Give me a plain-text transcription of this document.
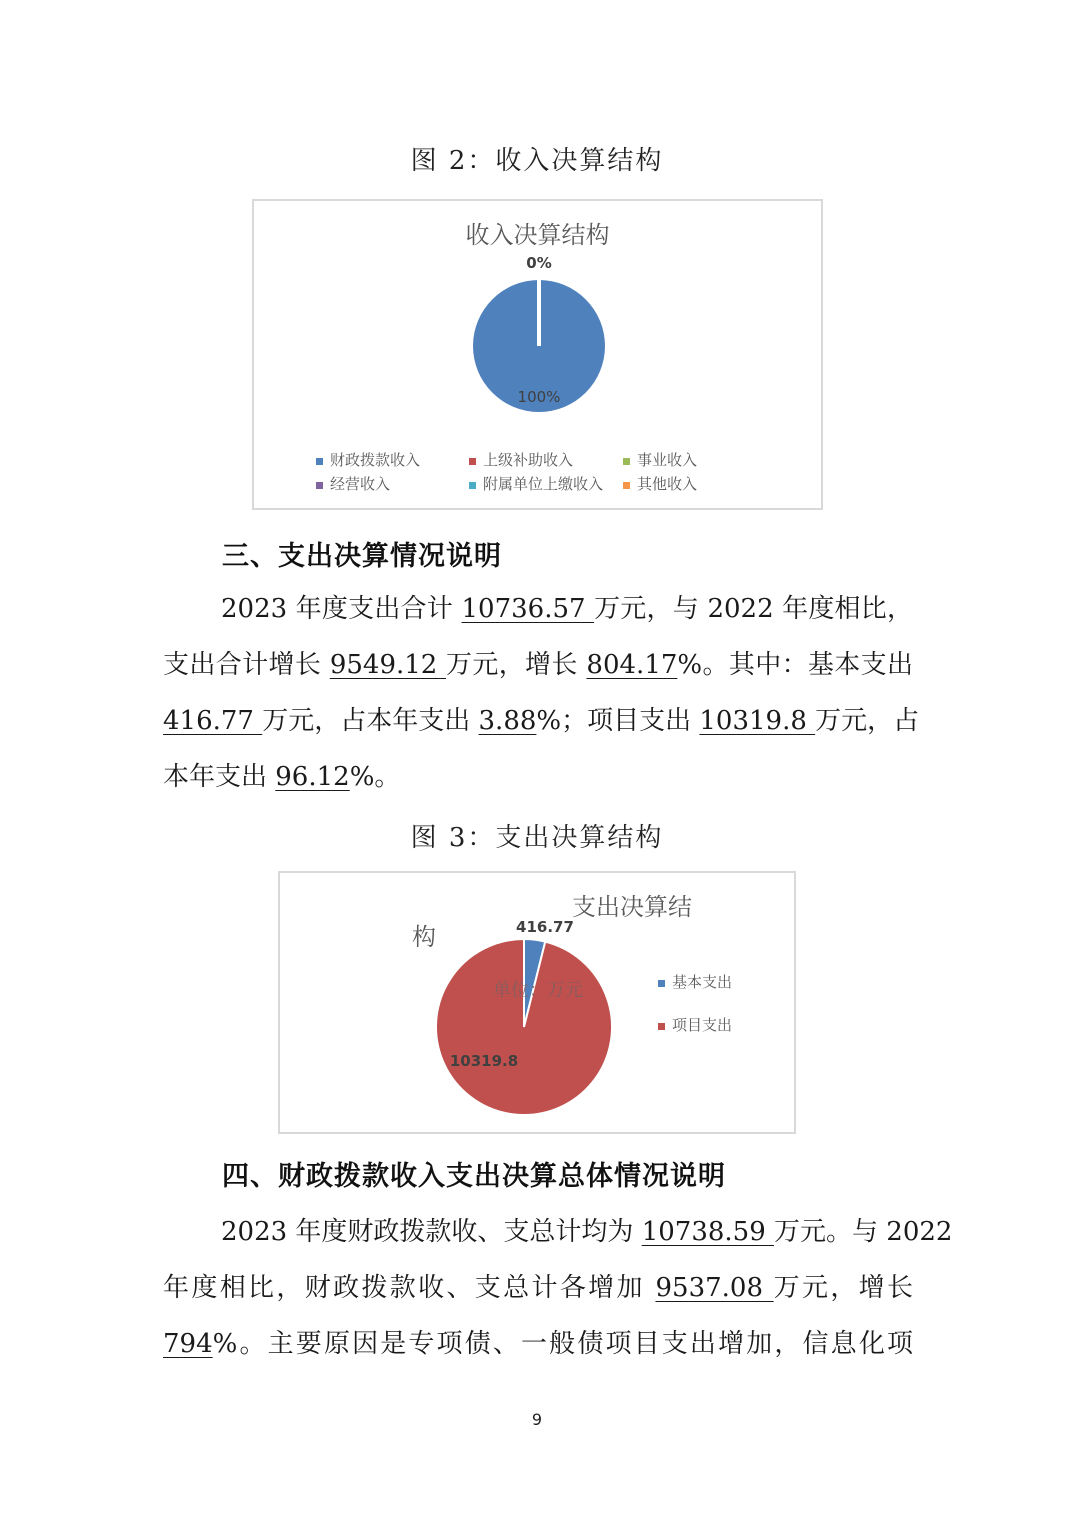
图 2：收入决算结构
收入决算结构
100%
0%
财政拨款收入	上级补助收入	事业收入
经营收入	附属单位上缴收入	其他收入
三、支出决算情况说明
2023 年度支出合计 10736.57 万元，与 2022 年度相比，
支出合计增长 9549.12 万元，增长 804.17%。其中：基本支出
416.77 万元，占本年支出 3.88%；项目支出 10319.8 万元，占
本年支出 96.12%。
图 3：支出决算结构
支出决算结
构	416.77
10319.8
单位：万元	基本支出
项目支出
四、财政拨款收入支出决算总体情况说明
2023 年度财政拨款收、支总计均为 10738.59 万元。与 2022
年度相比，财政拨款收、支总计各增加 9537.08 万元，增长
794%。主要原因是专项债、一般债项目支出增加，信息化项
9
